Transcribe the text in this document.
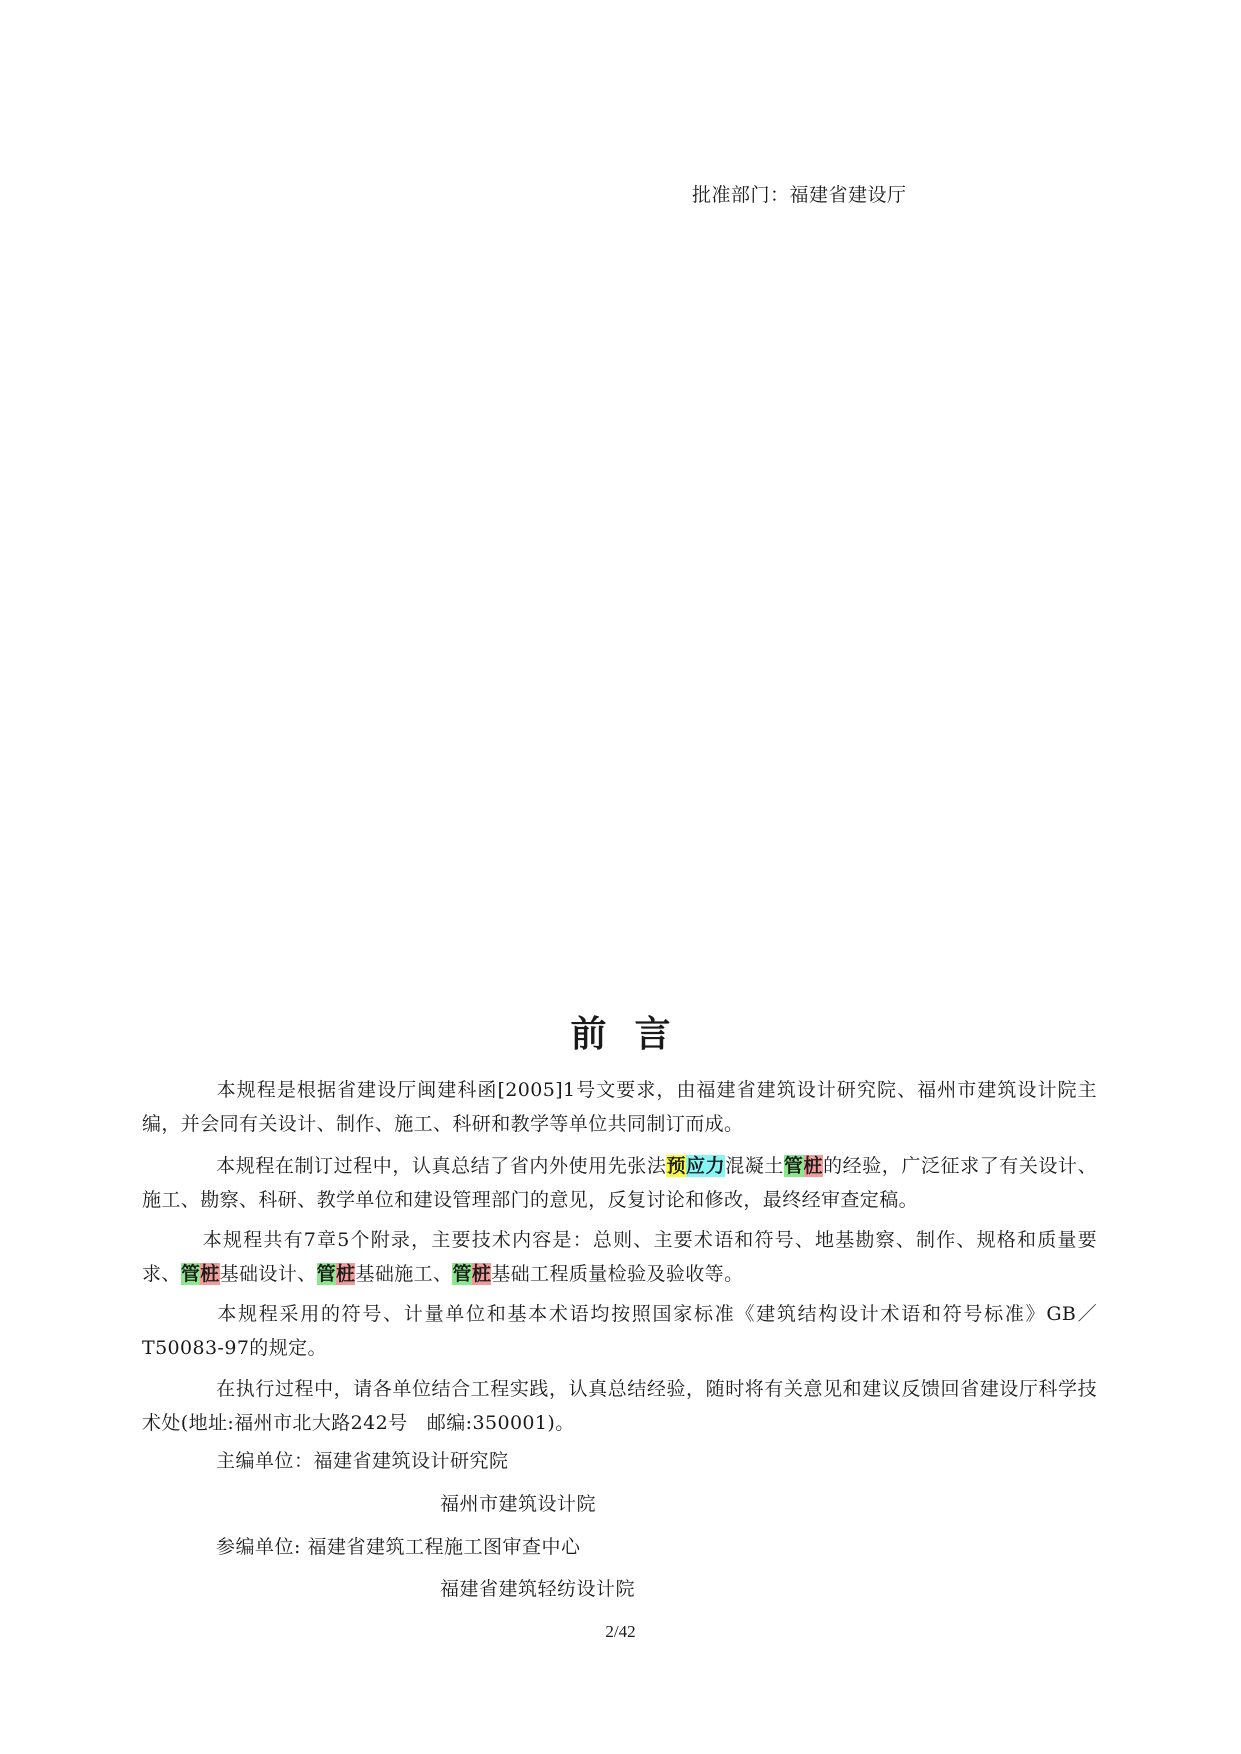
批准部门：福建省建设厅
前言

本规程是根据省建设厅闽建科函[2005]1号文要求，由福建省建筑设计研究院、福州市建筑设计院主编，并会同有关设计、制作、施工、科研和教学等单位共同制订而成。

本规程在制订过程中，认真总结了省内外使用先张法预应力混凝土管桩的经验，广泛征求了有关设计、施工、勘察、科研、教学单位和建设管理部门的意见，反复讨论和修改，最终经审查定稿。

本规程共有7章5个附录，主要技术内容是：总则、主要术语和符号、地基勘察、制作、规格和质量要求、管桩基础设计、管桩基础施工、管桩基础工程质量检验及验收等。

本规程采用的符号、计量单位和基本术语均按照国家标准《建筑结构设计术语和符号标准》GB／T50083-97的规定。

在执行过程中，请各单位结合工程实践，认真总结经验，随时将有关意见和建议反馈回省建设厅科学技术处(地址:福州市北大路242号　邮编:350001)。

主编单位：福建省建筑设计研究院
福州市建筑设计院
参编单位: 福建省建筑工程施工图审查中心
福建省建筑轻纺设计院
2/42
